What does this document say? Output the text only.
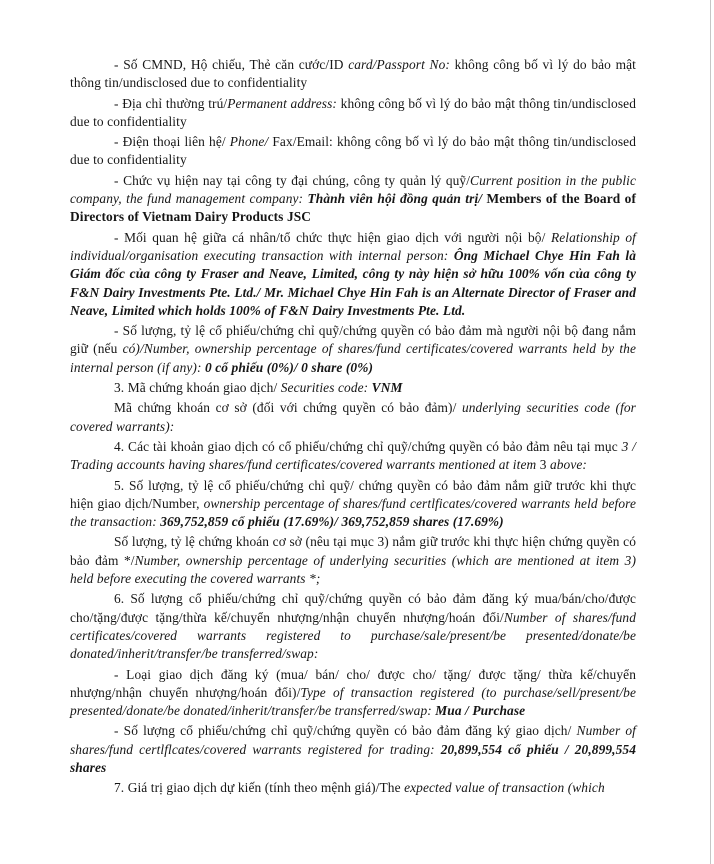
- Số CMND, Hộ chiếu, Thẻ căn cước/ID card/Passport No: không công bố vì lý do bảo mật thông tin/undisclosed due to confidentiality

- Địa chỉ thường trú/Permanent address: không công bố vì lý do bảo mật thông tin/undisclosed due to confidentiality

- Điện thoại liên hệ/ Phone/ Fax/Email: không công bố vì lý do bảo mật thông tin/undisclosed due to confidentiality

- Chức vụ hiện nay tại công ty đại chúng, công ty quản lý quỹ/Current position in the public company, the fund management company: Thành viên hội đồng quản trị/ Members of the Board of Directors of Vietnam Dairy Products JSC

- Mối quan hệ giữa cá nhân/tổ chức thực hiện giao dịch với người nội bộ/ Relationship of individual/organisation executing transaction with internal person: Ông Michael Chye Hin Fah là Giám đốc của công ty Fraser and Neave, Limited, công ty này hiện sở hữu 100% vốn của công ty F&N Dairy Investments Pte. Ltd./ Mr. Michael Chye Hin Fah is an Alternate Director of Fraser and Neave, Limited which holds 100% of F&N Dairy Investments Pte. Ltd.

- Số lượng, tỷ lệ cổ phiếu/chứng chỉ quỹ/chứng quyền có bảo đảm mà người nội bộ đang nắm giữ (nếu có)/Number, ownership percentage of shares/fund certificates/covered warrants held by the internal person (if any): 0 cổ phiếu (0%)/ 0 share (0%)

3. Mã chứng khoán giao dịch/ Securities code: VNM

Mã chứng khoán cơ sở (đối với chứng quyền có bảo đảm)/ underlying securities code (for covered warrants):

4. Các tài khoản giao dịch có cổ phiếu/chứng chỉ quỹ/chứng quyền có bảo đảm nêu tại mục 3 / Trading accounts having shares/fund certificates/covered warrants mentioned at item 3 above:

5. Số lượng, tỷ lệ cổ phiếu/chứng chỉ quỹ/ chứng quyền có bảo đảm nắm giữ trước khi thực hiện giao dịch/Number, ownership percentage of shares/fund certlficates/covered warrants held before the transaction: 369,752,859 cổ phiếu (17.69%)/ 369,752,859 shares (17.69%)

Số lượng, tỷ lệ chứng khoán cơ sở (nêu tại mục 3) nắm giữ trước khi thực hiện chứng quyền có bảo đảm */Number, ownership percentage of underlying securities (which are mentioned at item 3) held before executing the covered warrants *;

6. Số lượng cổ phiếu/chứng chỉ quỹ/chứng quyền có bảo đảm đăng ký mua/bán/cho/được cho/tặng/được tặng/thừa kế/chuyển nhượng/nhận chuyển nhượng/hoán đổi/Number of shares/fund certificates/covered warrants registered to purchase/sale/present/be presented/donate/be donated/inherit/transfer/be transferred/swap:

- Loại giao dịch đăng ký (mua/ bán/ cho/ được cho/ tặng/ được tặng/ thừa kế/chuyển nhượng/nhận chuyển nhượng/hoán đổi)/Type of transaction registered (to purchase/sell/present/be presented/donate/be donated/inherit/transfer/be transferred/swap: Mua / Purchase

- Số lượng cổ phiếu/chứng chỉ quỹ/chứng quyền có bảo đảm đăng ký giao dịch/ Number of shares/fund certlflcates/covered warrants registered for trading: 20,899,554 cổ phiếu / 20,899,554 shares

7. Giá trị giao dịch dự kiến (tính theo mệnh giá)/The expected value of transaction (which
